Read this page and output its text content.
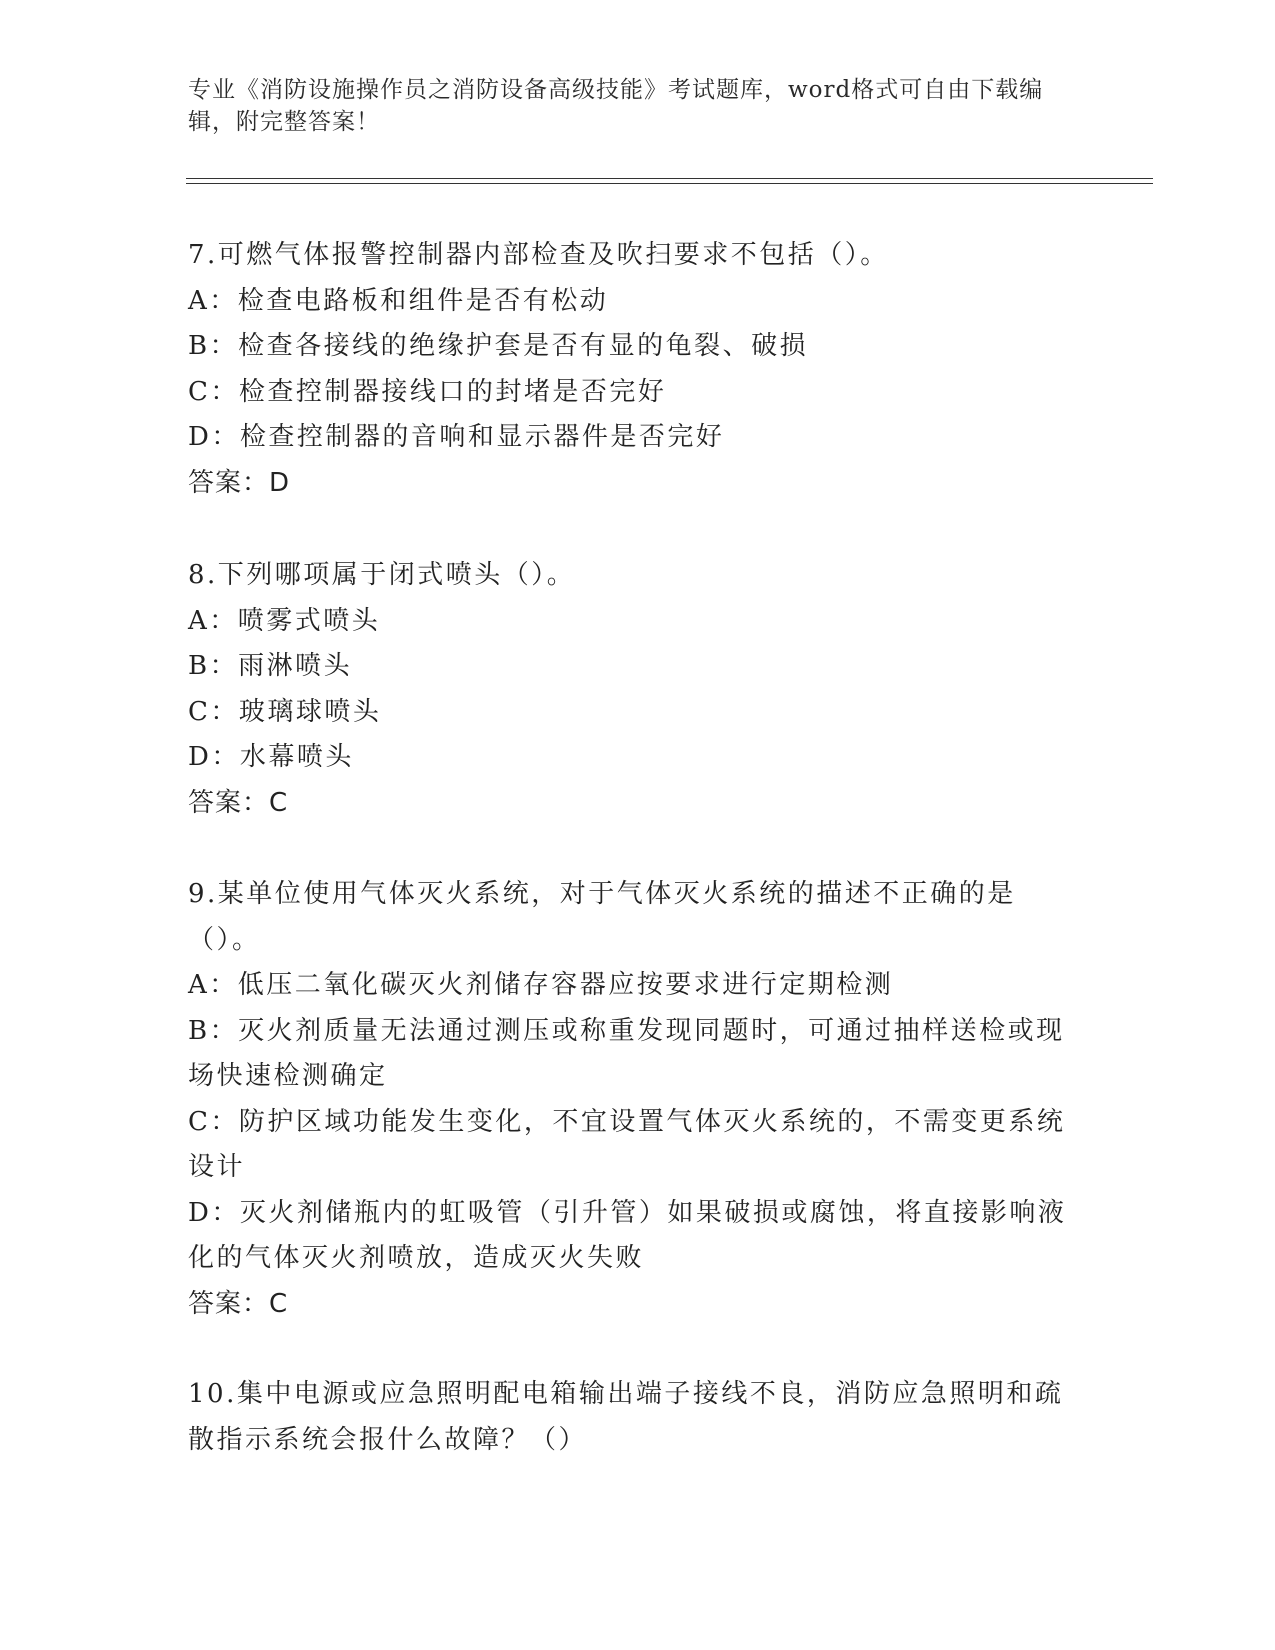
专业《消防设施操作员之消防设备高级技能》考试题库，word格式可自由下载编辑，附完整答案！
7.可燃气体报警控制器内部检查及吹扫要求不包括（）。
A：检查电路板和组件是否有松动
B：检查各接线的绝缘护套是否有显的龟裂、破损
C：检查控制器接线口的封堵是否完好
D：检查控制器的音响和显示器件是否完好
答案：D
8.下列哪项属于闭式喷头（）。
A：喷雾式喷头
B：雨淋喷头
C：玻璃球喷头
D：水幕喷头
答案：C
9.某单位使用气体灭火系统，对于气体灭火系统的描述不正确的是（）。
A：低压二氧化碳灭火剂储存容器应按要求进行定期检测
B：灭火剂质量无法通过测压或称重发现同题时，可通过抽样送检或现场快速检测确定
C：防护区域功能发生变化，不宜设置气体灭火系统的，不需变更系统设计
D：灭火剂储瓶内的虹吸管（引升管）如果破损或腐蚀，将直接影响液化的气体灭火剂喷放，造成灭火失败
答案：C
10.集中电源或应急照明配电箱输出端子接线不良，消防应急照明和疏散指示系统会报什么故障？（）
